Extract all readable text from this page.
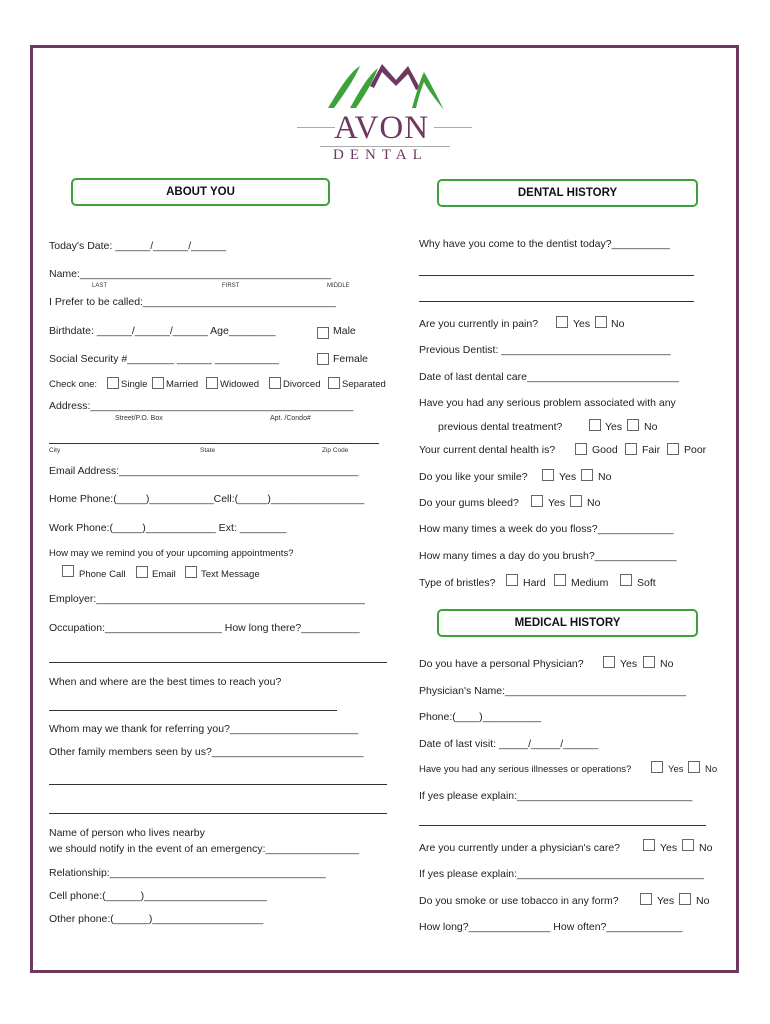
AVON
DENTAL
ABOUT YOU	DENTAL HISTORY
MEDICAL HISTORY
Today's Date: ______/______/______
Name:___________________________________________
LAST	FIRST	MIDDLE
I Prefer to be called:_________________________________
Birthdate: ______/______/______ Age________	Male
Social Security #________ ______ ___________	Female
Check one:	Single Married Widowed	Divorced Separated
Address:_____________________________________________
Street/P.O. Box	Apt. /Condo#
City	State	Zip Code
Email Address:_________________________________________
Home Phone:(_____)___________Cell:(_____)________________
Work Phone:(_____)____________ Ext: ________
How may we remind you of your upcoming appointments?
Phone Call	Email	Text Message
Employer:______________________________________________
Occupation:____________________ How long there?__________
When and where are the best times to reach you?
Whom may we thank for referring you?______________________
Other family members seen by us?__________________________
Name of person who lives nearby
we should notify in the event of an emergency:________________
Relationship:_____________________________________
Cell phone:(______)_____________________
Other phone:(______)___________________
Why have you come to the dentist today?__________
Are you currently in pain?	Yes No
Previous Dentist: _____________________________
Date of last dental care__________________________
Have you had any serious problem associated with any
previous dental treatment?	Yes No
Your current dental health is?	Good Fair Poor
Do you like your smile?	Yes No
Do your gums bleed?	Yes No
How many times a week do you floss?_____________
How many times a day do you brush?______________
Type of bristles?	Hard Medium	Soft
Do you have a personal Physician?	Yes No
Physician's Name:_______________________________
Phone:(____)__________
Date of last visit: _____/_____/______
Have you had any serious illnesses or operations?	Yes No
If yes please explain:______________________________
Are you currently under a physician's care?	Yes No
If yes please explain:________________________________
Do you smoke or use tobacco in any form?	Yes No
How long?______________ How often?_____________
